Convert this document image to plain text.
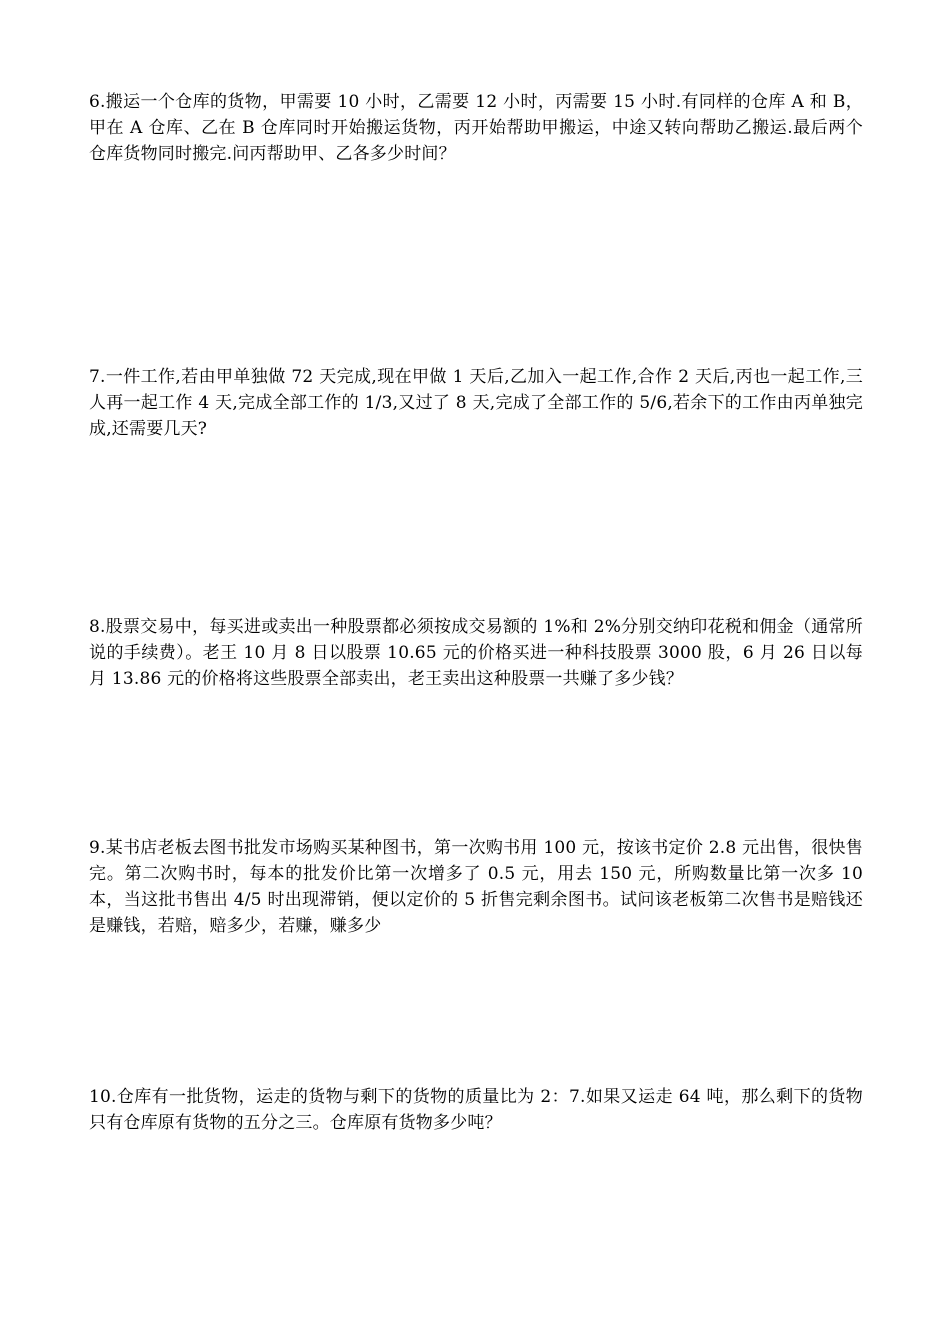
6.搬运一个仓库的货物，甲需要 10 小时，乙需要 12 小时，丙需要 15 小时.有同样的仓库 A 和 B，甲在 A 仓库、乙在 B 仓库同时开始搬运货物，丙开始帮助甲搬运，中途又转向帮助乙搬运.最后两个仓库货物同时搬完.问丙帮助甲、乙各多少时间？

7.一件工作,若由甲单独做 72 天完成,现在甲做 1 天后,乙加入一起工作,合作 2 天后,丙也一起工作,三人再一起工作 4 天,完成全部工作的 1/3,又过了 8 天,完成了全部工作的 5/6,若余下的工作由丙单独完成,还需要几天?

8.股票交易中，每买进或卖出一种股票都必须按成交易额的 1%和 2%分别交纳印花税和佣金（通常所说的手续费）。老王 10 月 8 日以股票 10.65 元的价格买进一种科技股票 3000 股，6 月 26 日以每月 13.86 元的价格将这些股票全部卖出，老王卖出这种股票一共赚了多少钱？

9.某书店老板去图书批发市场购买某种图书，第一次购书用 100 元，按该书定价 2.8 元出售，很快售完。第二次购书时，每本的批发价比第一次增多了 0.5 元，用去 150 元，所购数量比第一次多 10 本，当这批书售出 4/5 时出现滞销，便以定价的 5 折售完剩余图书。试问该老板第二次售书是赔钱还是赚钱，若赔，赔多少，若赚，赚多少

10.仓库有一批货物，运走的货物与剩下的货物的质量比为 2：7.如果又运走 64 吨，那么剩下的货物只有仓库原有货物的五分之三。仓库原有货物多少吨？
